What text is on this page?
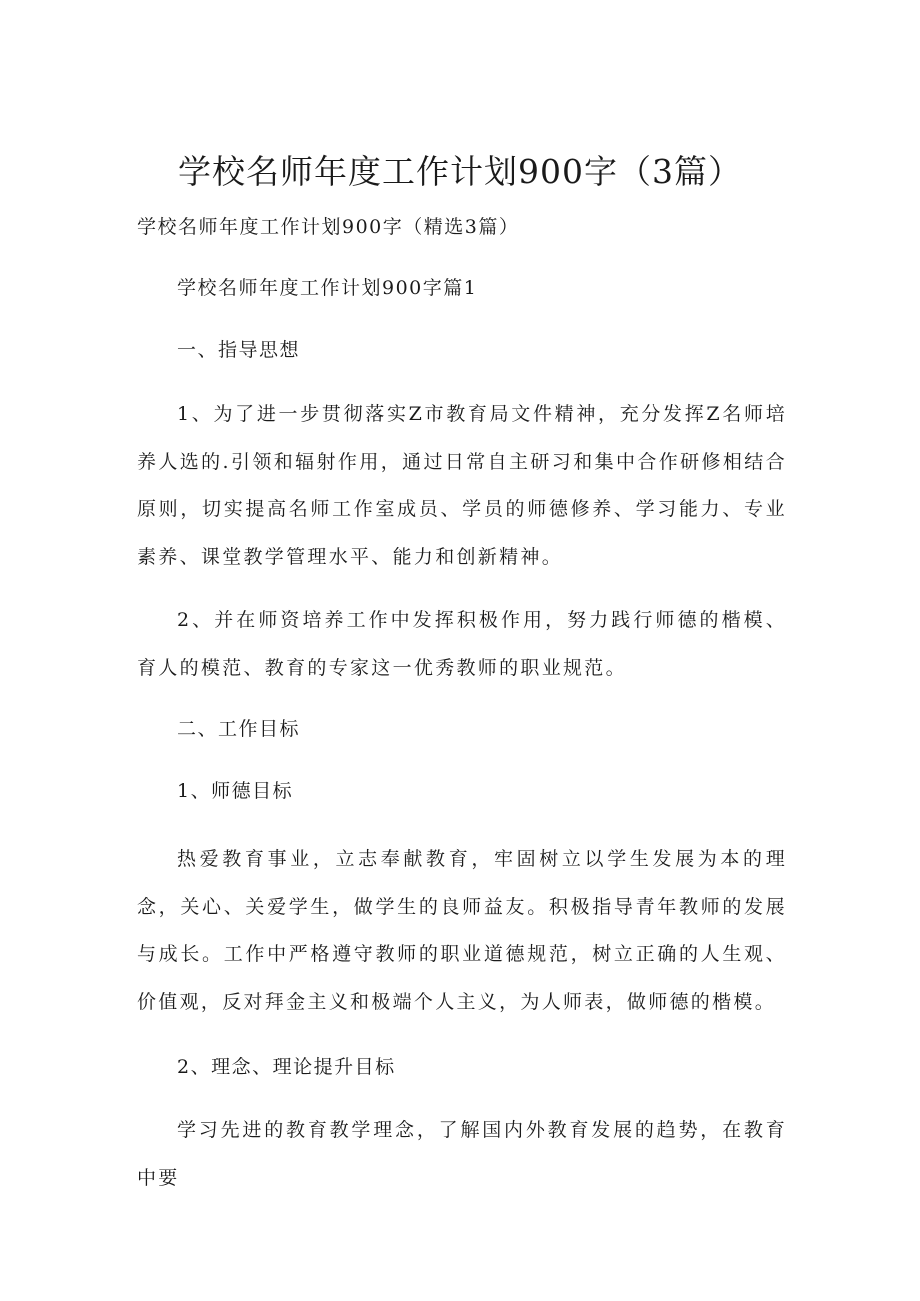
学校名师年度工作计划900字（3篇）

学校名师年度工作计划900字（精选3篇）

学校名师年度工作计划900字篇1

一、指导思想

1、为了进一步贯彻落实Z市教育局文件精神，充分发挥Z名师培养人选的.引领和辐射作用，通过日常自主研习和集中合作研修相结合原则，切实提高名师工作室成员、学员的师德修养、学习能力、专业素养、课堂教学管理水平、能力和创新精神。

2、并在师资培养工作中发挥积极作用，努力践行师德的楷模、育人的模范、教育的专家这一优秀教师的职业规范。

二、工作目标

1、师德目标

热爱教育事业，立志奉献教育，牢固树立以学生发展为本的理念，关心、关爱学生，做学生的良师益友。积极指导青年教师的发展与成长。工作中严格遵守教师的职业道德规范，树立正确的人生观、价值观，反对拜金主义和极端个人主义，为人师表，做师德的楷模。

2、理念、理论提升目标

学习先进的教育教学理念，了解国内外教育发展的趋势，在教育中要
